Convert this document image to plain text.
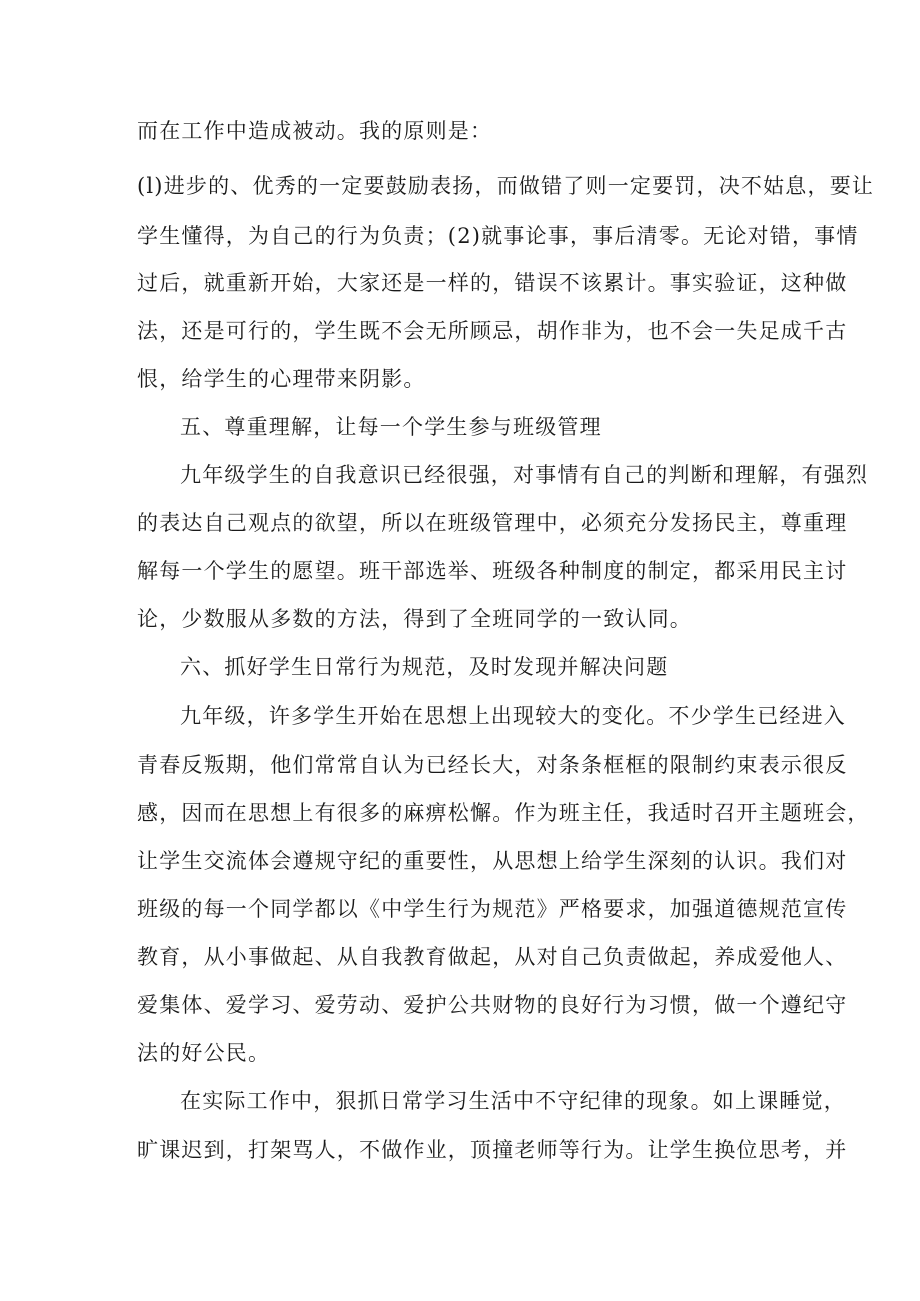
而在工作中造成被动。我的原则是：
(l)进步的、优秀的一定要鼓励表扬，而做错了则一定要罚，决不姑息，要让
学生懂得，为自己的行为负责；(2)就事论事，事后清零。无论对错，事情
过后，就重新开始，大家还是一样的，错误不该累计。事实验证，这种做
法，还是可行的，学生既不会无所顾忌，胡作非为，也不会一失足成千古
恨，给学生的心理带来阴影。
五、尊重理解，让每一个学生参与班级管理
九年级学生的自我意识已经很强，对事情有自己的判断和理解，有强烈
的表达自己观点的欲望，所以在班级管理中，必须充分发扬民主，尊重理
解每一个学生的愿望。班干部选举、班级各种制度的制定，都采用民主讨
论，少数服从多数的方法，得到了全班同学的一致认同。
六、抓好学生日常行为规范，及时发现并解决问题
九年级，许多学生开始在思想上出现较大的变化。不少学生已经进入
青春反叛期，他们常常自认为已经长大，对条条框框的限制约束表示很反
感，因而在思想上有很多的麻痹松懈。作为班主任，我适时召开主题班会，
让学生交流体会遵规守纪的重要性，从思想上给学生深刻的认识。我们对
班级的每一个同学都以《中学生行为规范》严格要求，加强道德规范宣传
教育，从小事做起、从自我教育做起，从对自己负责做起，养成爱他人、
爱集体、爱学习、爱劳动、爱护公共财物的良好行为习惯，做一个遵纪守
法的好公民。
在实际工作中，狠抓日常学习生活中不守纪律的现象。如上课睡觉，
旷课迟到，打架骂人，不做作业，顶撞老师等行为。让学生换位思考，并
